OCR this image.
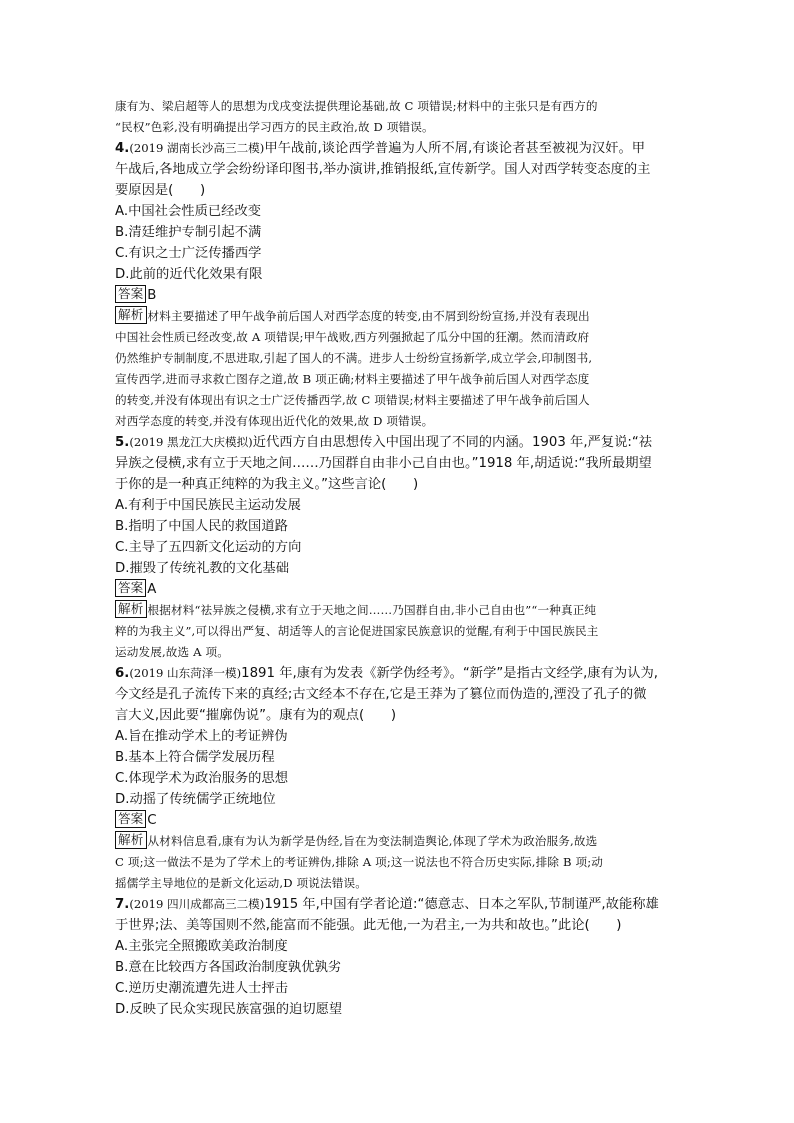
康有为、梁启超等人的思想为戊戌变法提供理论基础,故 C 项错误;材料中的主张只是有西方的
“民权”色彩,没有明确提出学习西方的民主政治,故 D 项错误。
4.(2019 湖南长沙高三二模)甲午战前,谈论西学普遍为人所不屑,有谈论者甚至被视为汉奸。甲
午战后,各地成立学会纷纷译印图书,举办演讲,推销报纸,宣传新学。国人对西学转变态度的主
要原因是(　　)
A.中国社会性质已经改变
B.清廷维护专制引起不满
C.有识之士广泛传播西学
D.此前的近代化效果有限
答案 B
解析 材料主要描述了甲午战争前后国人对西学态度的转变,由不屑到纷纷宣扬,并没有表现出
中国社会性质已经改变,故 A 项错误;甲午战败,西方列强掀起了瓜分中国的狂潮。然而清政府
仍然维护专制制度,不思进取,引起了国人的不满。进步人士纷纷宣扬新学,成立学会,印制图书,
宣传西学,进而寻求救亡图存之道,故 B 项正确;材料主要描述了甲午战争前后国人对西学态度
的转变,并没有体现出有识之士广泛传播西学,故 C 项错误;材料主要描述了甲午战争前后国人
对西学态度的转变,并没有体现出近代化的效果,故 D 项错误。
5.(2019 黑龙江大庆模拟)近代西方自由思想传入中国出现了不同的内涵。1903 年,严复说:“祛
异族之侵横,求有立于天地之间……乃国群自由非小己自由也。”1918 年,胡适说:“我所最期望
于你的是一种真正纯粹的为我主义。”这些言论(　　)
A.有利于中国民族民主运动发展
B.指明了中国人民的救国道路
C.主导了五四新文化运动的方向
D.摧毁了传统礼教的文化基础
答案 A
解析 根据材料“祛异族之侵横,求有立于天地之间……乃国群自由,非小己自由也”“一种真正纯
粹的为我主义”,可以得出严复、胡适等人的言论促进国家民族意识的觉醒,有利于中国民族民主
运动发展,故选 A 项。
6.(2019 山东菏泽一模)1891 年,康有为发表《新学伪经考》。“新学”是指古文经学,康有为认为,
今文经是孔子流传下来的真经;古文经本不存在,它是王莽为了篡位而伪造的,湮没了孔子的微
言大义,因此要“摧廓伪说”。康有为的观点(　　)
A.旨在推动学术上的考证辨伪
B.基本上符合儒学发展历程
C.体现学术为政治服务的思想
D.动摇了传统儒学正统地位
答案 C
解析 从材料信息看,康有为认为新学是伪经,旨在为变法制造舆论,体现了学术为政治服务,故选
C 项;这一做法不是为了学术上的考证辨伪,排除 A 项;这一说法也不符合历史实际,排除 B 项;动
摇儒学主导地位的是新文化运动,D 项说法错误。
7.(2019 四川成都高三二模)1915 年,中国有学者论道:“德意志、日本之军队,节制谨严,故能称雄
于世界;法、美等国则不然,能富而不能强。此无他,一为君主,一为共和故也。”此论(　　)
A.主张完全照搬欧美政治制度
B.意在比较西方各国政治制度孰优孰劣
C.逆历史潮流遭先进人士抨击
D.反映了民众实现民族富强的迫切愿望
